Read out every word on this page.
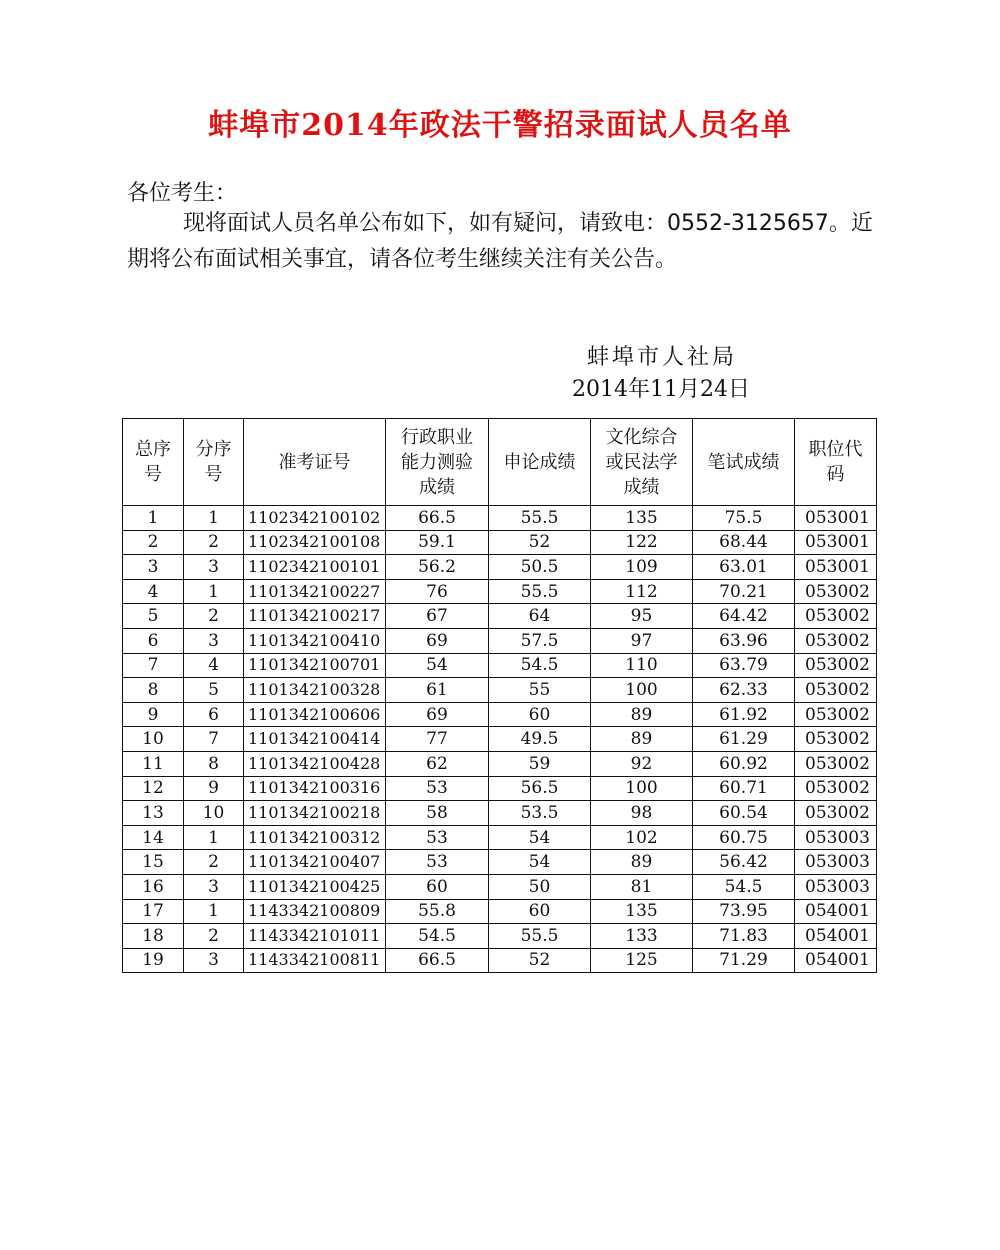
蚌埠市2014年政法干警招录面试人员名单
各位考生：
现将面试人员名单公布如下，如有疑问，请致电：0552-3125657。近期将公布面试相关事宜，请各位考生继续关注有关公告。
蚌埠市人社局
2014年11月24日
总序号	分序号	准考证号	行政职业能力测验成绩	申论成绩	文化综合或民法学成绩	笔试成绩	职位代码
1	1	1102342100102	66.5	55.5	135	75.5	053001
2	2	1102342100108	59.1	52	122	68.44	053001
3	3	1102342100101	56.2	50.5	109	63.01	053001
4	1	1101342100227	76	55.5	112	70.21	053002
5	2	1101342100217	67	64	95	64.42	053002
6	3	1101342100410	69	57.5	97	63.96	053002
7	4	1101342100701	54	54.5	110	63.79	053002
8	5	1101342100328	61	55	100	62.33	053002
9	6	1101342100606	69	60	89	61.92	053002
10	7	1101342100414	77	49.5	89	61.29	053002
11	8	1101342100428	62	59	92	60.92	053002
12	9	1101342100316	53	56.5	100	60.71	053002
13	10	1101342100218	58	53.5	98	60.54	053002
14	1	1101342100312	53	54	102	60.75	053003
15	2	1101342100407	53	54	89	56.42	053003
16	3	1101342100425	60	50	81	54.5	053003
17	1	1143342100809	55.8	60	135	73.95	054001
18	2	1143342101011	54.5	55.5	133	71.83	054001
19	3	1143342100811	66.5	52	125	71.29	054001
